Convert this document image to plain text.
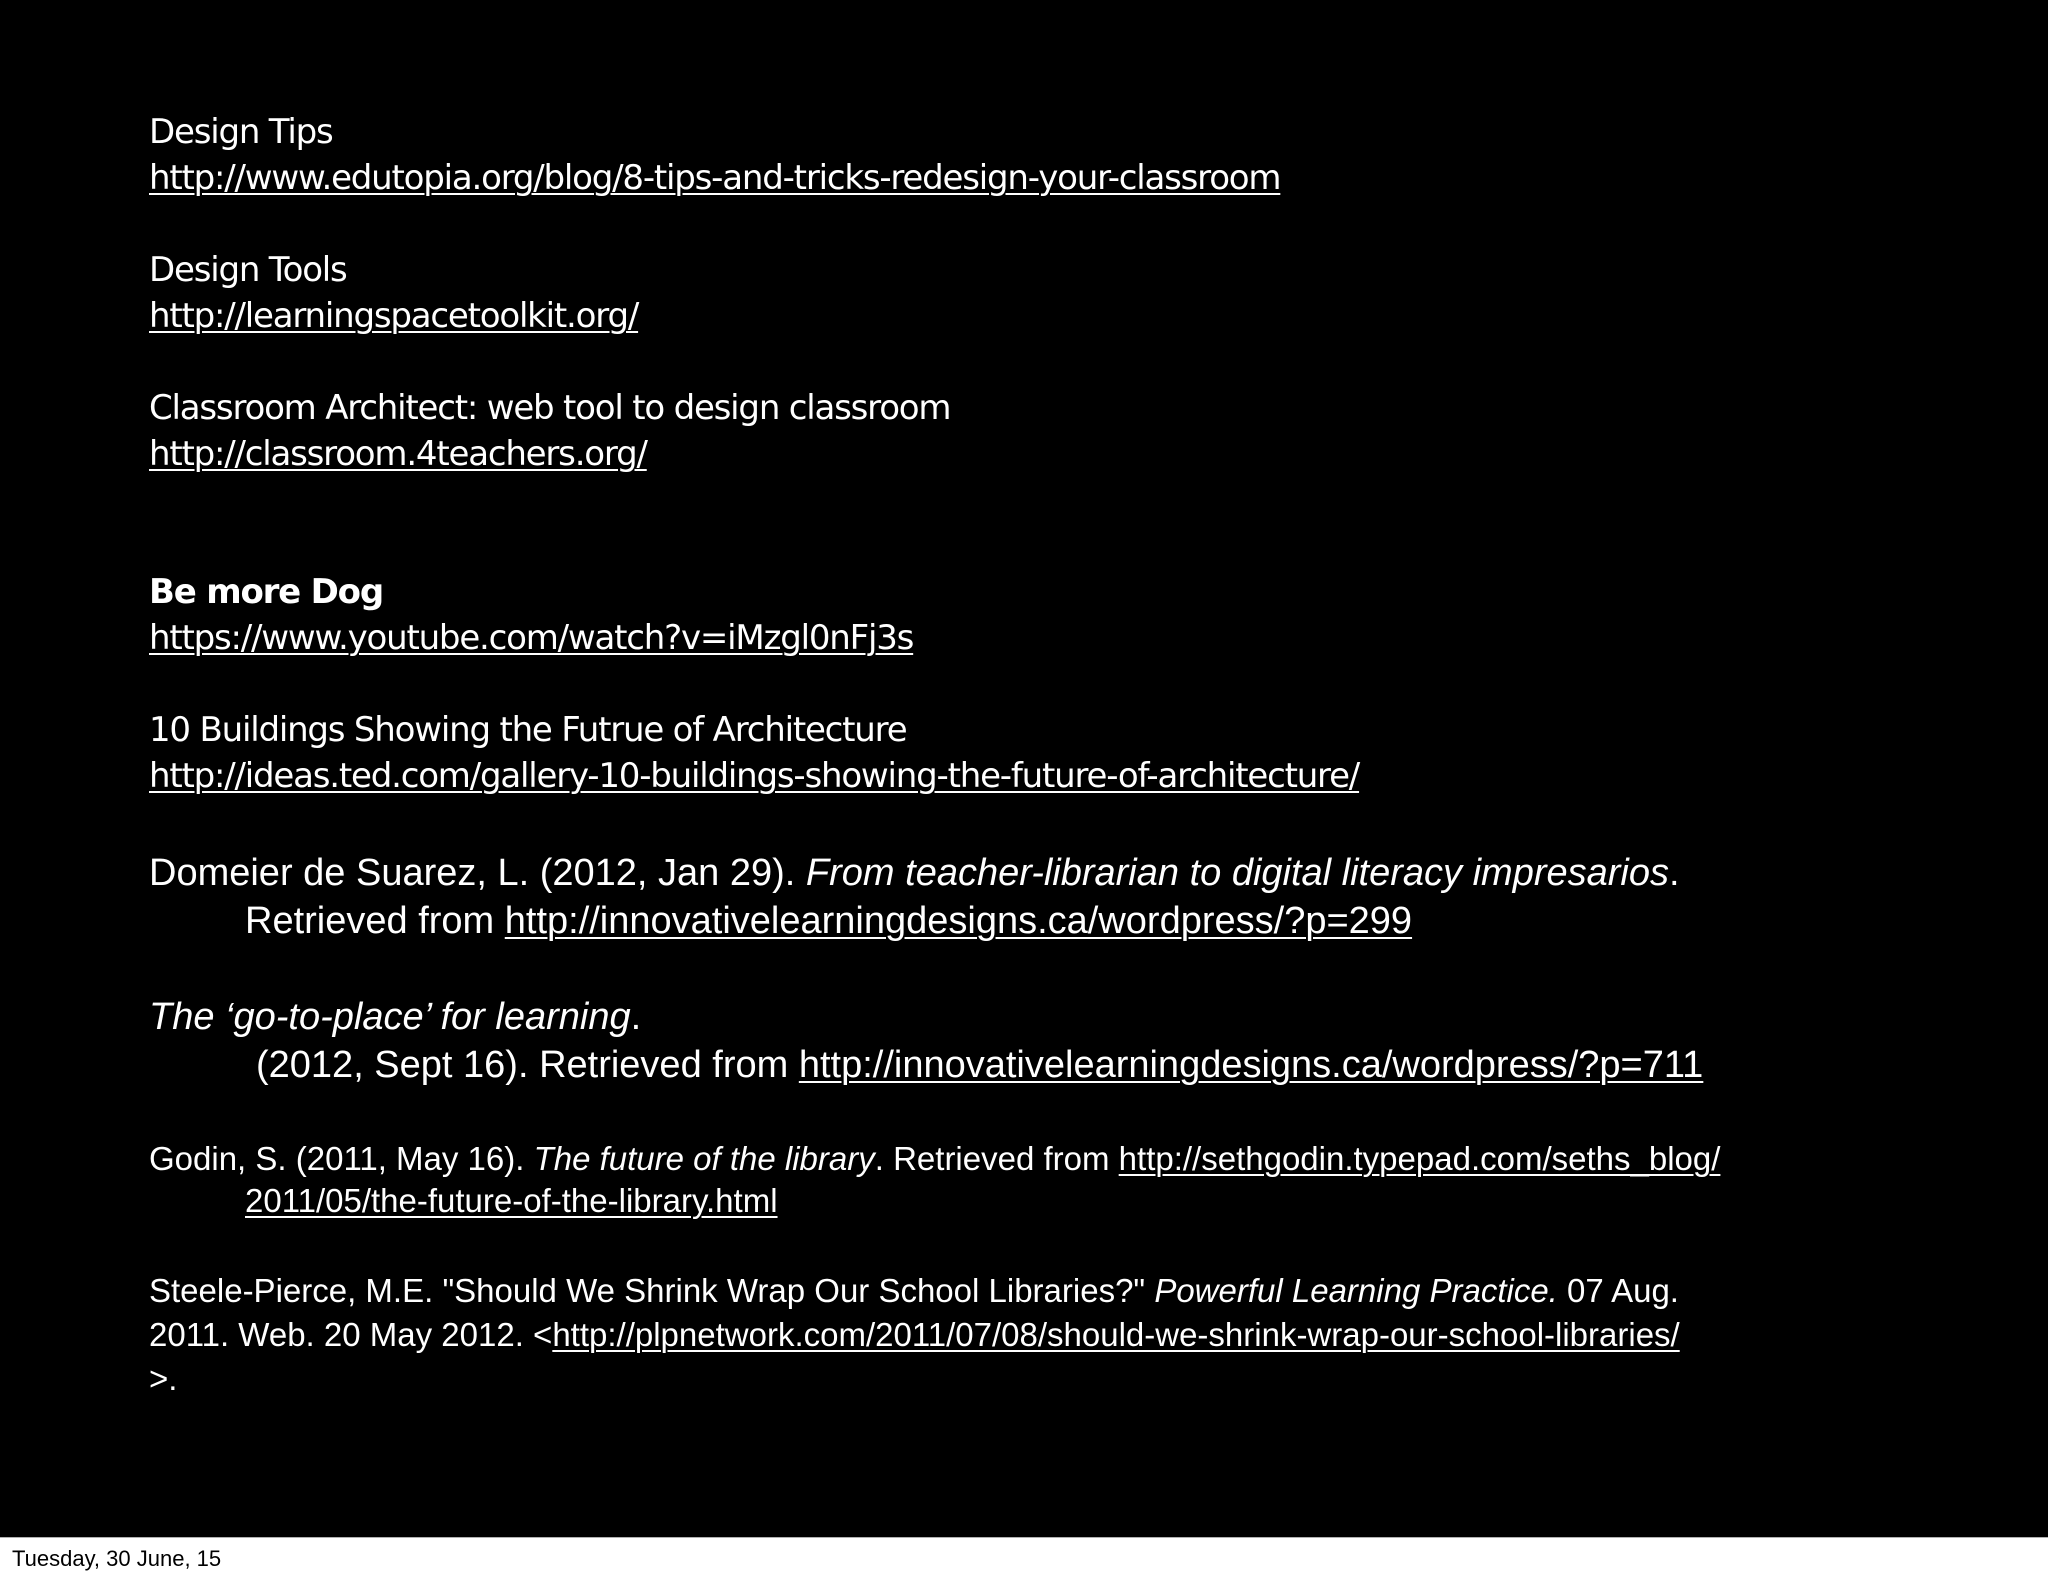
Design Tips
http://www.edutopia.org/blog/8-tips-and-tricks-redesign-your-classroom
Design Tools
http://learningspacetoolkit.org/
Classroom Architect: web tool to design classroom
http://classroom.4teachers.org/
Be more Dog
https://www.youtube.com/watch?v=iMzgl0nFj3s
10 Buildings Showing the Futrue of Architecture
http://ideas.ted.com/gallery-10-buildings-showing-the-future-of-architecture/
Domeier de Suarez, L. (2012, Jan 29). From teacher-librarian to digital literacy impresarios.
Retrieved from http://innovativelearningdesigns.ca/wordpress/?p=299
The ‘go-to-place’ for learning.
(2012, Sept 16). Retrieved from http://innovativelearningdesigns.ca/wordpress/?p=711
Godin, S. (2011, May 16). The future of the library. Retrieved from http://sethgodin.typepad.com/seths_blog/
2011/05/the-future-of-the-library.html
Steele-Pierce, M.E. "Should We Shrink Wrap Our School Libraries?" Powerful Learning Practice. 07 Aug.
2011. Web. 20 May 2012. <http://plpnetwork.com/2011/07/08/should-we-shrink-wrap-our-school-libraries/
>.
Tuesday, 30 June, 15
